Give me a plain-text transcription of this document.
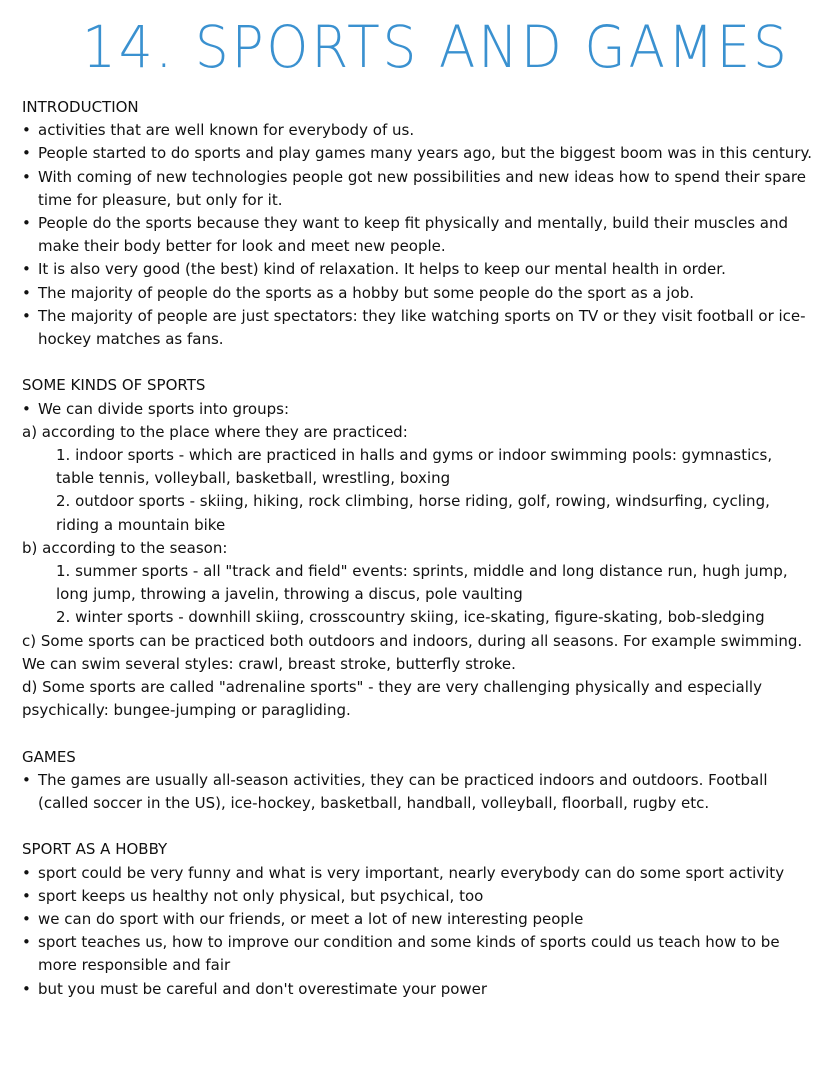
14. SPORTS AND GAMES

INTRODUCTION

• activities that are well known for everybody of us.
• People started to do sports and play games many years ago, but the biggest boom was in this century.
• With coming of new technologies people got new possibilities and new ideas how to spend their spare time for pleasure, but only for it.
• People do the sports because they want to keep fit physically and mentally, build their muscles and make their body better for look and meet new people.
• It is also very good (the best) kind of relaxation. It helps to keep our mental health in order.
• The majority of people do the sports as a hobby but some people do the sport as a job.
• The majority of people are just spectators: they like watching sports on TV or they visit football or ice-hockey matches as fans.

SOME KINDS OF SPORTS

• We can divide sports into groups:

a) according to the place where they are practiced:

1. indoor sports - which are practiced in halls and gyms or indoor swimming pools: gymnastics, table tennis, volleyball, basketball, wrestling, boxing

2. outdoor sports - skiing, hiking, rock climbing, horse riding, golf, rowing, windsurfing, cycling, riding a mountain bike

b) according to the season:

1. summer sports - all "track and field" events: sprints, middle and long distance run, hugh jump, long jump, throwing a javelin, throwing a discus, pole vaulting

2. winter sports - downhill skiing, crosscountry skiing, ice-skating, figure-skating, bob-sledging

c) Some sports can be practiced both outdoors and indoors, during all seasons. For example swimming. We can swim several styles: crawl, breast stroke, butterfly stroke.

d) Some sports are called "adrenaline sports" - they are very challenging physically and especially psychically: bungee-jumping or paragliding.

GAMES

• The games are usually all-season activities, they can be practiced indoors and outdoors. Football (called soccer in the US), ice-hockey, basketball, handball, volleyball, floorball, rugby etc.

SPORT AS A HOBBY

• sport could be very funny and what is very important, nearly everybody can do some sport activity
• sport keeps us healthy not only physical, but psychical, too
• we can do sport with our friends, or meet a lot of new interesting people
• sport teaches us, how to improve our condition and some kinds of sports could us teach how to be more responsible and fair
• but you must be careful and don't overestimate your power
